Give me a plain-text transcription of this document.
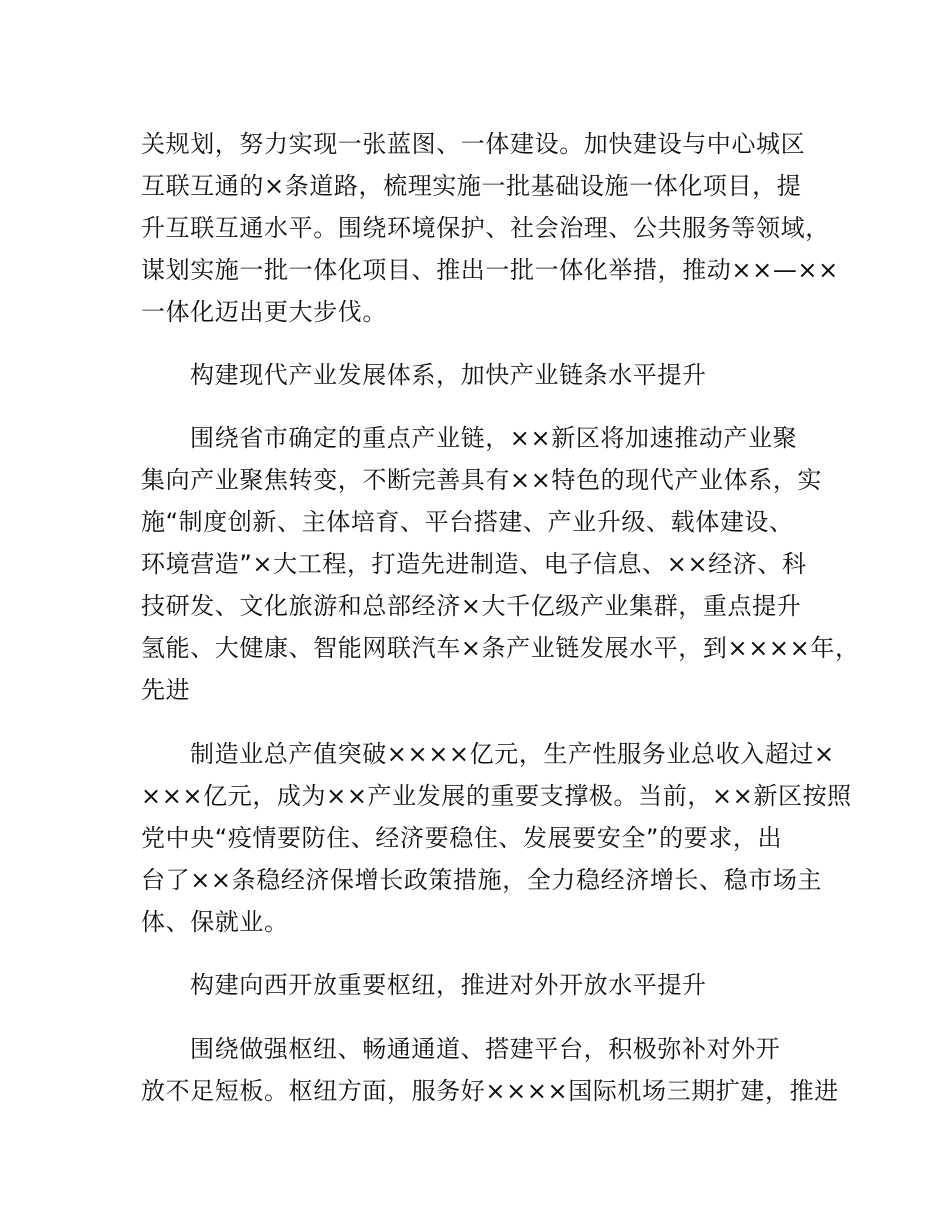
关规划，努力实现一张蓝图、一体建设。加快建设与中心城区
互联互通的×条道路，梳理实施一批基础设施一体化项目，提
升互联互通水平。围绕环境保护、社会治理、公共服务等领域，
谋划实施一批一体化项目、推出一批一体化举措，推动××—××
一体化迈出更大步伐。
构建现代产业发展体系，加快产业链条水平提升
围绕省市确定的重点产业链，××新区将加速推动产业聚
集向产业聚焦转变，不断完善具有××特色的现代产业体系，实
施“制度创新、主体培育、平台搭建、产业升级、载体建设、
环境营造”×大工程，打造先进制造、电子信息、××经济、科
技研发、文化旅游和总部经济×大千亿级产业集群，重点提升
氢能、大健康、智能网联汽车×条产业链发展水平，到××××年，
先进
制造业总产值突破××××亿元，生产性服务业总收入超过×
×××亿元，成为××产业发展的重要支撑极。当前，××新区按照
党中央“疫情要防住、经济要稳住、发展要安全”的要求，出
台了××条稳经济保增长政策措施，全力稳经济增长、稳市场主
体、保就业。
构建向西开放重要枢纽，推进对外开放水平提升
围绕做强枢纽、畅通通道、搭建平台，积极弥补对外开
放不足短板。枢纽方面，服务好××××国际机场三期扩建，推进
